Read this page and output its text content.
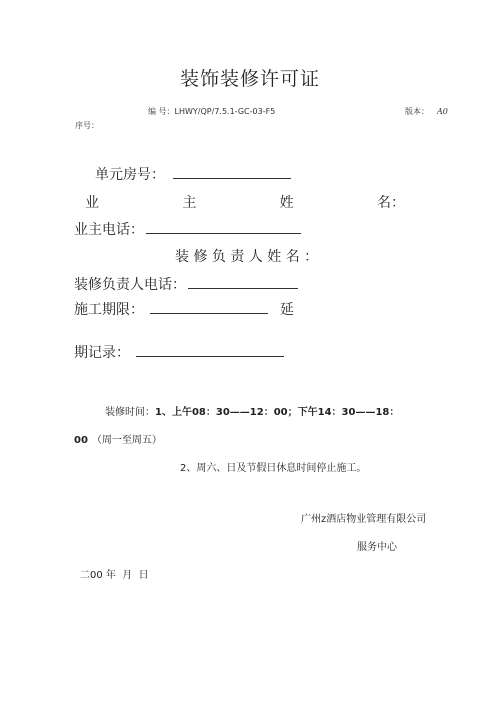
装饰装修许可证
编 号：LHWY/QP/7.5.1-GC-03-F5	版本： A0
序号：
单元房号：
业	主	姓	名：
业主电话：
装 修 负 责 人 姓 名 ：
装修负责人电话：
施工期限：	延
期记录：
装修时间：1、上午08：30——12：00；下午14：30——18：
00 （周一至周五）
2、周六、日及节假日休息时间停止施工。
广州z酒店物业管理有限公司
服务中心
二00 年  月  日
